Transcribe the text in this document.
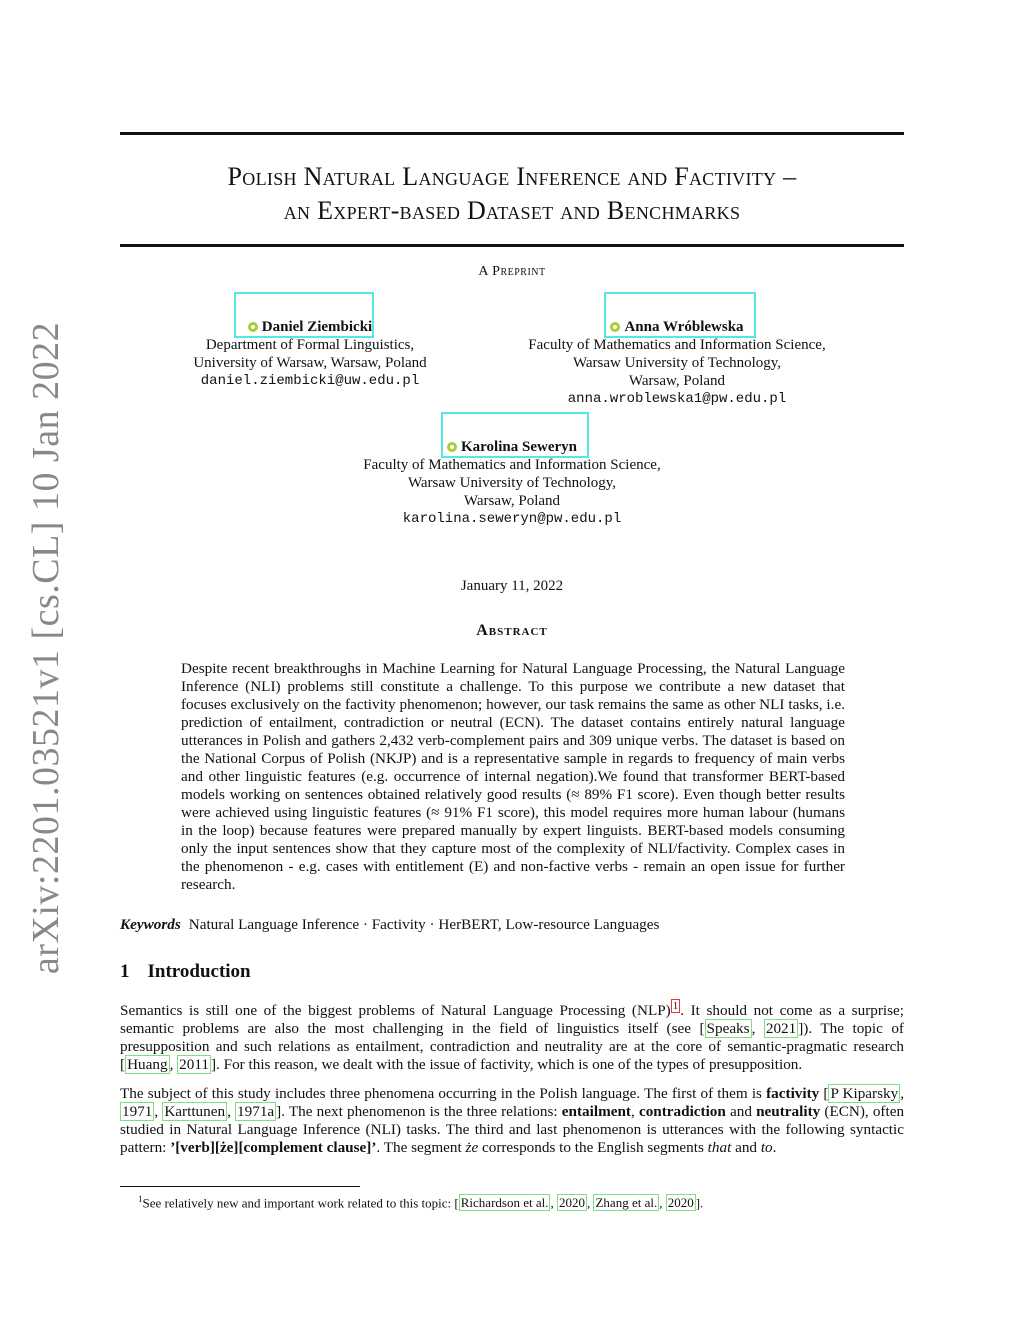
arXiv:2201.03521v1 [cs.CL] 10 Jan 2022
Polish Natural Language Inference and Factivity –
an Expert-based Dataset and Benchmarks
A Preprint
Daniel Ziembicki
Department of Formal Linguistics,
University of Warsaw, Warsaw, Poland
daniel.ziembicki@uw.edu.pl
Anna Wróblewska
Faculty of Mathematics and Information Science,
Warsaw University of Technology,
Warsaw, Poland
anna.wroblewska1@pw.edu.pl
Karolina Seweryn
Faculty of Mathematics and Information Science,
Warsaw University of Technology,
Warsaw, Poland
karolina.seweryn@pw.edu.pl
January 11, 2022
Abstract
Despite recent breakthroughs in Machine Learning for Natural Language Processing, the Natural Language Inference (NLI) problems still constitute a challenge. To this purpose we contribute a new dataset that focuses exclusively on the factivity phenomenon; however, our task remains the same as other NLI tasks, i.e. prediction of entailment, contradiction or neutral (ECN). The dataset contains entirely natural language utterances in Polish and gathers 2,432 verb-complement pairs and 309 unique verbs. The dataset is based on the National Corpus of Polish (NKJP) and is a representative sample in regards to frequency of main verbs and other linguistic features (e.g. occurrence of internal negation).We found that transformer BERT-based models working on sentences obtained relatively good results (≈ 89% F1 score). Even though better results were achieved using linguistic features (≈ 91% F1 score), this model requires more human labour (humans in the loop) because features were prepared manually by expert linguists. BERT-based models consuming only the input sentences show that they capture most of the complexity of NLI/factivity. Complex cases in the phenomenon - e.g. cases with entitlement (E) and non-factive verbs - remain an open issue for further research.
Keywords Natural Language Inference · Factivity · HerBERT, Low-resource Languages
1 Introduction
Semantics is still one of the biggest problems of Natural Language Processing (NLP) $^1$ . It should not come as a surprise; semantic problems are also the most challenging in the field of linguistics itself (see [ Speaks , 2021 ]). The topic of presupposition and such relations as entailment, contradiction and neutrality are at the core of semantic-pragmatic research [ Huang , 2011 ]. For this reason, we dealt with the issue of factivity, which is one of the types of presupposition.
The subject of this study includes three phenomena occurring in the Polish language. The first of them is factivity [ P Kiparsky , 1971 , Karttunen , 1971a ]. The next phenomenon is the three relations: entailment, contradiction and neutrality (ECN), often studied in Natural Language Inference (NLI) tasks. The third and last phenomenon is utterances with the following syntactic pattern: ’[verb][że][complement clause]’. The segment że corresponds to the English segments that and to.
$^1$See relatively new and important work related to this topic: [ Richardson et al. , 2020 , Zhang et al. , 2020 ].
